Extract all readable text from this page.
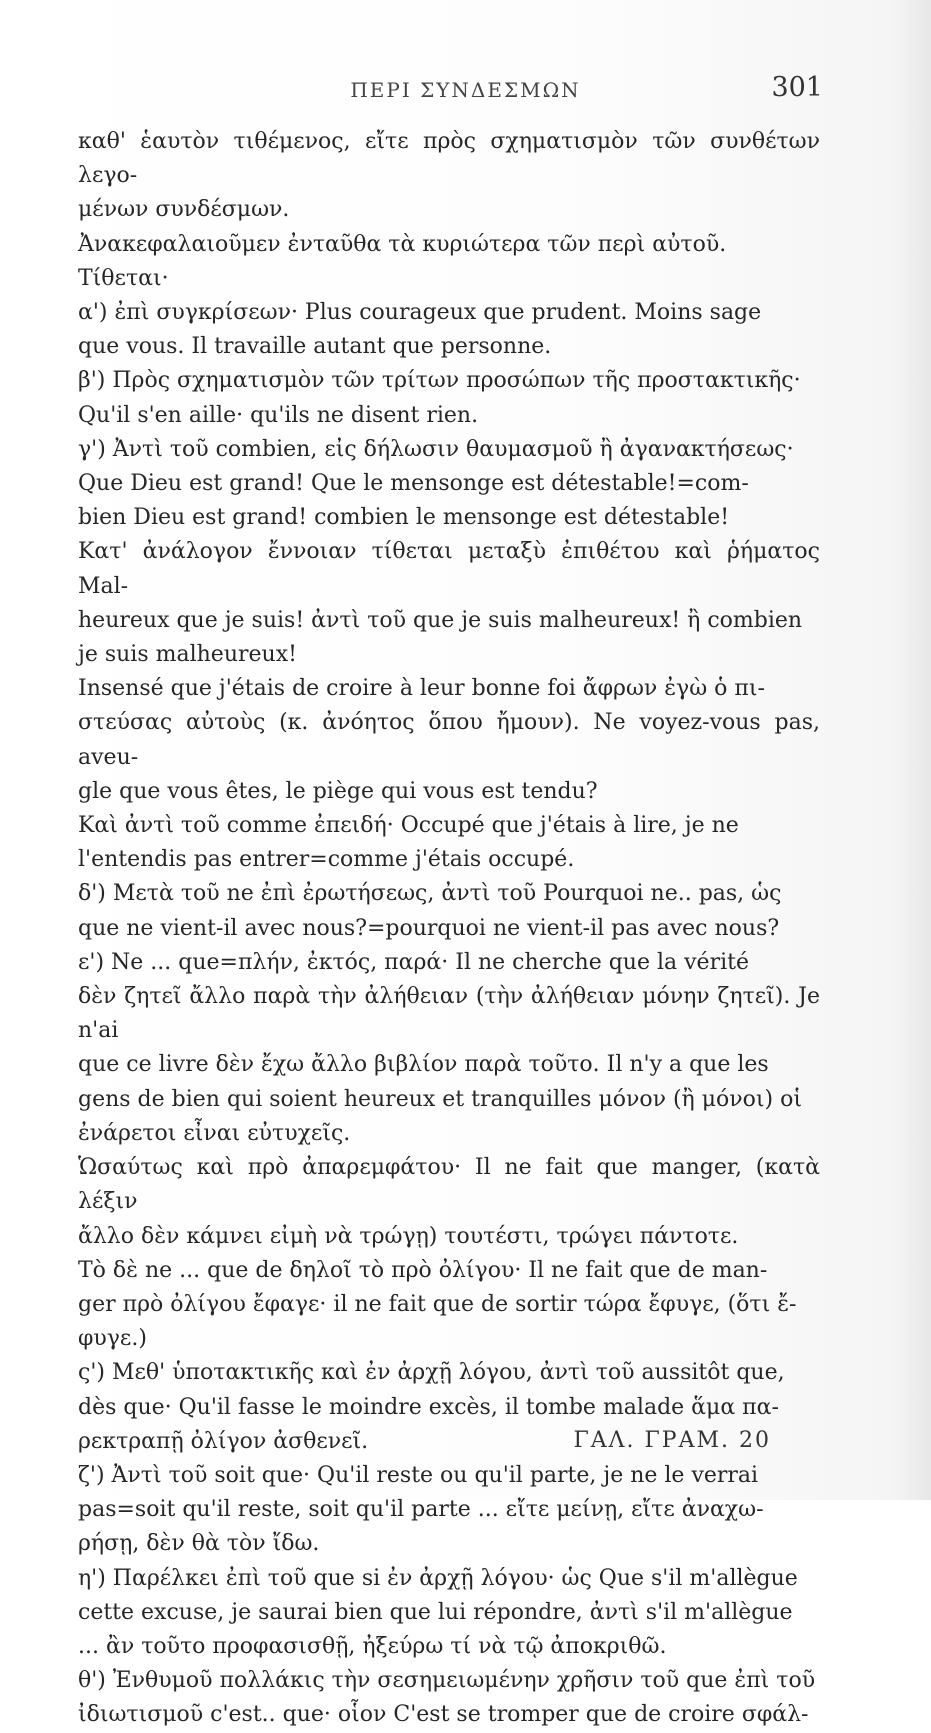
ΠΕΡΙ ΣΥΝΔΕΣΜΩΝ	301

καθ' ἑαυτὸν τιθέμενος, εἴτε πρὸς σχηματισμὸν τῶν συνθέτων λεγο-

μένων συνδέσμων.

Ἀνακεφαλαιοῦμεν ἐνταῦθα τὰ κυριώτερα τῶν περὶ αὐτοῦ.

Τίθεται·

α') ἐπὶ συγκρίσεων· Plus courageux que prudent. Moins sage

que vous. Il travaille autant que personne.

β') Πρὸς σχηματισμὸν τῶν τρίτων προσώπων τῆς προστακτικῆς·

Qu'il s'en aille· qu'ils ne disent rien.

γ') Ἀντὶ τοῦ combien, εἰς δήλωσιν θαυμασμοῦ ἢ ἀγανακτήσεως·

Que Dieu est grand! Que le mensonge est détestable!=com-

bien Dieu est grand! combien le mensonge est détestable!

Κατ' ἀνάλογον ἔννοιαν τίθεται μεταξὺ ἐπιθέτου καὶ ῥήματος Mal-

heureux que je suis! ἀντὶ τοῦ que je suis malheureux! ἢ combien

je suis malheureux!

Insensé que j'étais de croire à leur bonne foi ἄφρων ἐγὼ ὁ πι-

στεύσας αὐτοὺς (κ. ἀνόητος ὅπου ἤμουν). Ne voyez-vous pas, aveu-

gle que vous êtes, le piège qui vous est tendu?

Καὶ ἀντὶ τοῦ comme ἐπειδή· Occupé que j'étais à lire, je ne

l'entendis pas entrer=comme j'étais occupé.

δ') Μετὰ τοῦ ne ἐπὶ ἐρωτήσεως, ἀντὶ τοῦ Pourquoi ne.. pas, ὡς

que ne vient-il avec nous?=pourquoi ne vient-il pas avec nous?

ε') Ne ... que=πλήν, ἐκτός, παρά· Il ne cherche que la vérité

δὲν ζητεῖ ἄλλο παρὰ τὴν ἀλήθειαν (τὴν ἀλήθειαν μόνην ζητεῖ). Je n'ai

que ce livre δὲν ἔχω ἄλλο βιβλίον παρὰ τοῦτο. Il n'y a que les

gens de bien qui soient heureux et tranquilles μόνον (ἢ μόνοι) οἱ

ἐνάρετοι εἶναι εὐτυχεῖς.

Ὡσαύτως καὶ πρὸ ἀπαρεμφάτου· Il ne fait que manger, (κατὰ λέξιν

ἄλλο δὲν κάμνει εἰμὴ νὰ τρώγῃ) τουτέστι, τρώγει πάντοτε.

Τὸ δὲ ne ... que de δηλοῖ τὸ πρὸ ὀλίγου· Il ne fait que de man-

ger πρὸ ὀλίγου ἔφαγε· il ne fait que de sortir τώρα ἔφυγε, (ὅτι ἔ-

φυγε.)

ς') Μεθ' ὑποτακτικῆς καὶ ἐν ἀρχῇ λόγου, ἀντὶ τοῦ aussitôt que,

dès que· Qu'il fasse le moindre excès, il tombe malade ἅμα πα-

ρεκτραπῇ ὀλίγον ἀσθενεῖ.

ζ') Ἀντὶ τοῦ soit que· Qu'il reste ou qu'il parte, je ne le verrai

pas=soit qu'il reste, soit qu'il parte ... εἴτε μείνῃ, εἴτε ἀναχω-

ρήσῃ, δὲν θὰ τὸν ἴδω.

η') Παρέλκει ἐπὶ τοῦ que si ἐν ἀρχῇ λόγου· ὡς Que s'il m'allègue

cette excuse, je saurai bien que lui répondre, ἀντὶ s'il m'allègue

... ἂν τοῦτο προφασισθῇ, ἠξεύρω τί νὰ τῷ ἀποκριθῶ.

θ') Ἐνθυμοῦ πολλάκις τὴν σεσημειωμένην χρῆσιν τοῦ que ἐπὶ τοῦ

ἰδιωτισμοῦ c'est.. que· οἷον C'est se tromper que de croire σφάλ-

ΓΑΛ. ΓΡΑΜ. 20
